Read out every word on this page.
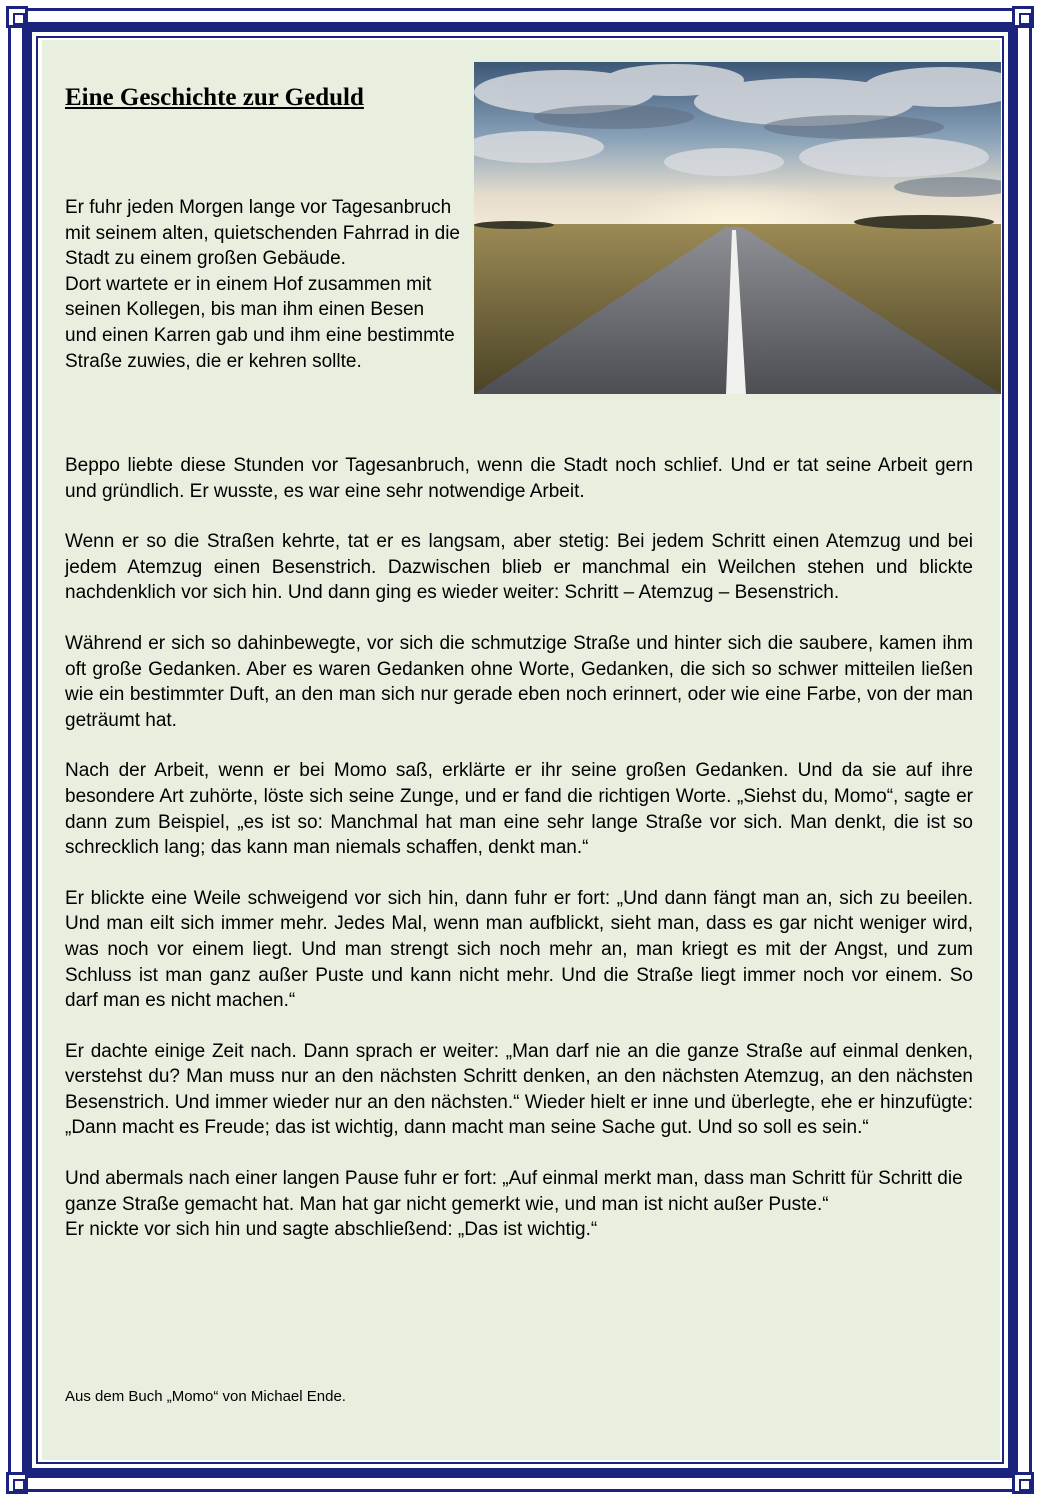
Eine Geschichte zur Geduld

Er fuhr jeden Morgen lange vor Tagesanbruch mit seinem alten, quietschenden Fahrrad in die Stadt zu einem großen Gebäude.
Dort wartete er in einem Hof zusammen mit seinen Kollegen, bis man ihm einen Besen und einen Karren gab und ihm eine bestimmte Straße zuwies, die er kehren sollte.

Beppo liebte diese Stunden vor Tagesanbruch, wenn die Stadt noch schlief. Und er tat seine Arbeit gern und gründlich. Er wusste, es war eine sehr notwendige Arbeit.

Wenn er so die Straßen kehrte, tat er es langsam, aber stetig: Bei jedem Schritt einen Atemzug und bei jedem Atemzug einen Besenstrich. Dazwischen blieb er manchmal ein Weilchen stehen und blickte nachdenklich vor sich hin. Und dann ging es wieder weiter: Schritt – Atemzug – Besenstrich.

Während er sich so dahinbewegte, vor sich die schmutzige Straße und hinter sich die saubere, kamen ihm oft große Gedanken. Aber es waren Gedanken ohne Worte, Gedanken, die sich so schwer mitteilen ließen wie ein bestimmter Duft, an den man sich nur gerade eben noch erinnert, oder wie eine Farbe, von der man geträumt hat.

Nach der Arbeit, wenn er bei Momo saß, erklärte er ihr seine großen Gedanken. Und da sie auf ihre besondere Art zuhörte, löste sich seine Zunge, und er fand die richtigen Worte. „Siehst du, Momo“, sagte er dann zum Beispiel, „es ist so: Manchmal hat man eine sehr lange Straße vor sich. Man denkt, die ist so schrecklich lang; das kann man niemals schaffen, denkt man.“

Er blickte eine Weile schweigend vor sich hin, dann fuhr er fort: „Und dann fängt man an, sich zu beeilen. Und man eilt sich immer mehr. Jedes Mal, wenn man aufblickt, sieht man, dass es gar nicht weniger wird, was noch vor einem liegt. Und man strengt sich noch mehr an, man kriegt es mit der Angst, und zum Schluss ist man ganz außer Puste und kann nicht mehr. Und die Straße liegt immer noch vor einem. So darf man es nicht machen.“

Er dachte einige Zeit nach. Dann sprach er weiter: „Man darf nie an die ganze Straße auf einmal denken, verstehst du? Man muss nur an den nächsten Schritt denken, an den nächsten Atemzug, an den nächsten Besenstrich. Und immer wieder nur an den nächsten.“ Wieder hielt er inne und überlegte, ehe er hinzufügte: „Dann macht es Freude; das ist wichtig, dann macht man seine Sache gut. Und so soll es sein.“

Und abermals nach einer langen Pause fuhr er fort: „Auf einmal merkt man, dass man Schritt für Schritt die ganze Straße gemacht hat. Man hat gar nicht gemerkt wie, und man ist nicht außer Puste.“
Er nickte vor sich hin und sagte abschließend: „Das ist wichtig.“

Aus dem Buch „Momo“ von Michael Ende.
